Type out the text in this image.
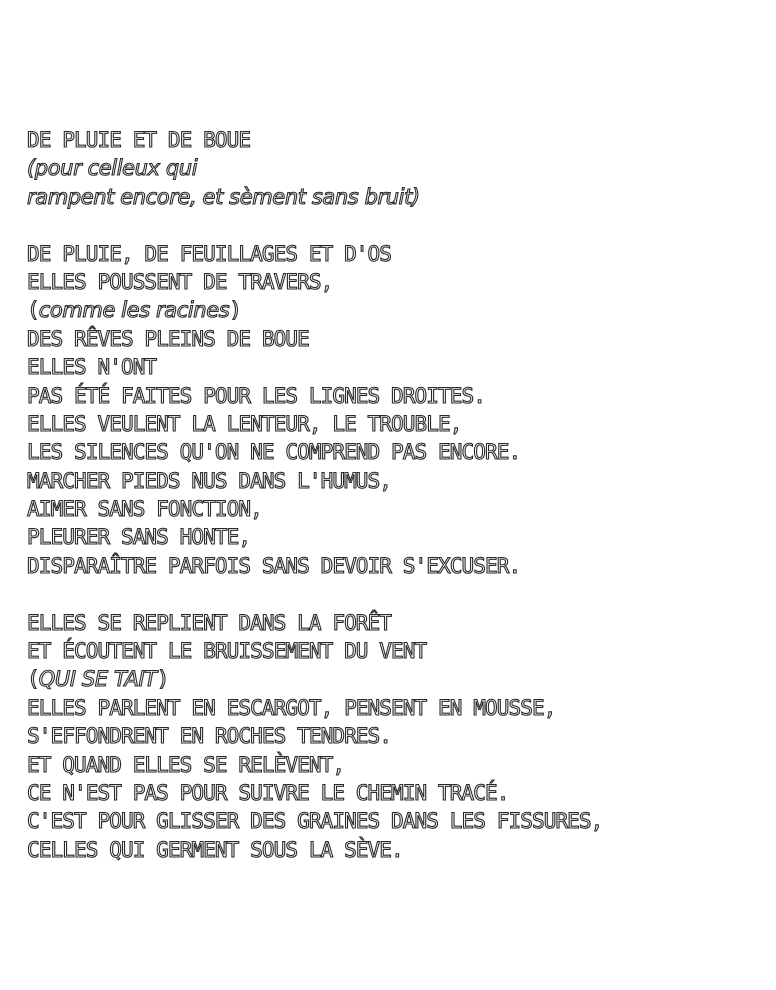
DE PLUIE ET DE BOUE
(pour celleux qui
rampent encore, et sèment sans bruit)
DE PLUIE, DE FEUILLAGES ET D'OS
ELLES POUSSENT DE TRAVERS,
(comme les racines)
DES RÊVES PLEINS DE BOUE
ELLES N'ONT
PAS ÉTÉ FAITES POUR LES LIGNES DROITES.
ELLES VEULENT LA LENTEUR, LE TROUBLE,
LES SILENCES QU'ON NE COMPREND PAS ENCORE.
MARCHER PIEDS NUS DANS L'HUMUS,
AIMER SANS FONCTION,
PLEURER SANS HONTE,
DISPARAÎTRE PARFOIS SANS DEVOIR S'EXCUSER.
ELLES SE REPLIENT DANS LA FORÊT
ET ÉCOUTENT LE BRUISSEMENT DU VENT
(QUI SE TAIT)
ELLES PARLENT EN ESCARGOT, PENSENT EN MOUSSE,
S'EFFONDRENT EN ROCHES TENDRES.
ET QUAND ELLES SE RELÈVENT,
CE N'EST PAS POUR SUIVRE LE CHEMIN TRACÉ.
C'EST POUR GLISSER DES GRAINES DANS LES FISSURES,
CELLES QUI GERMENT SOUS LA SÈVE.
